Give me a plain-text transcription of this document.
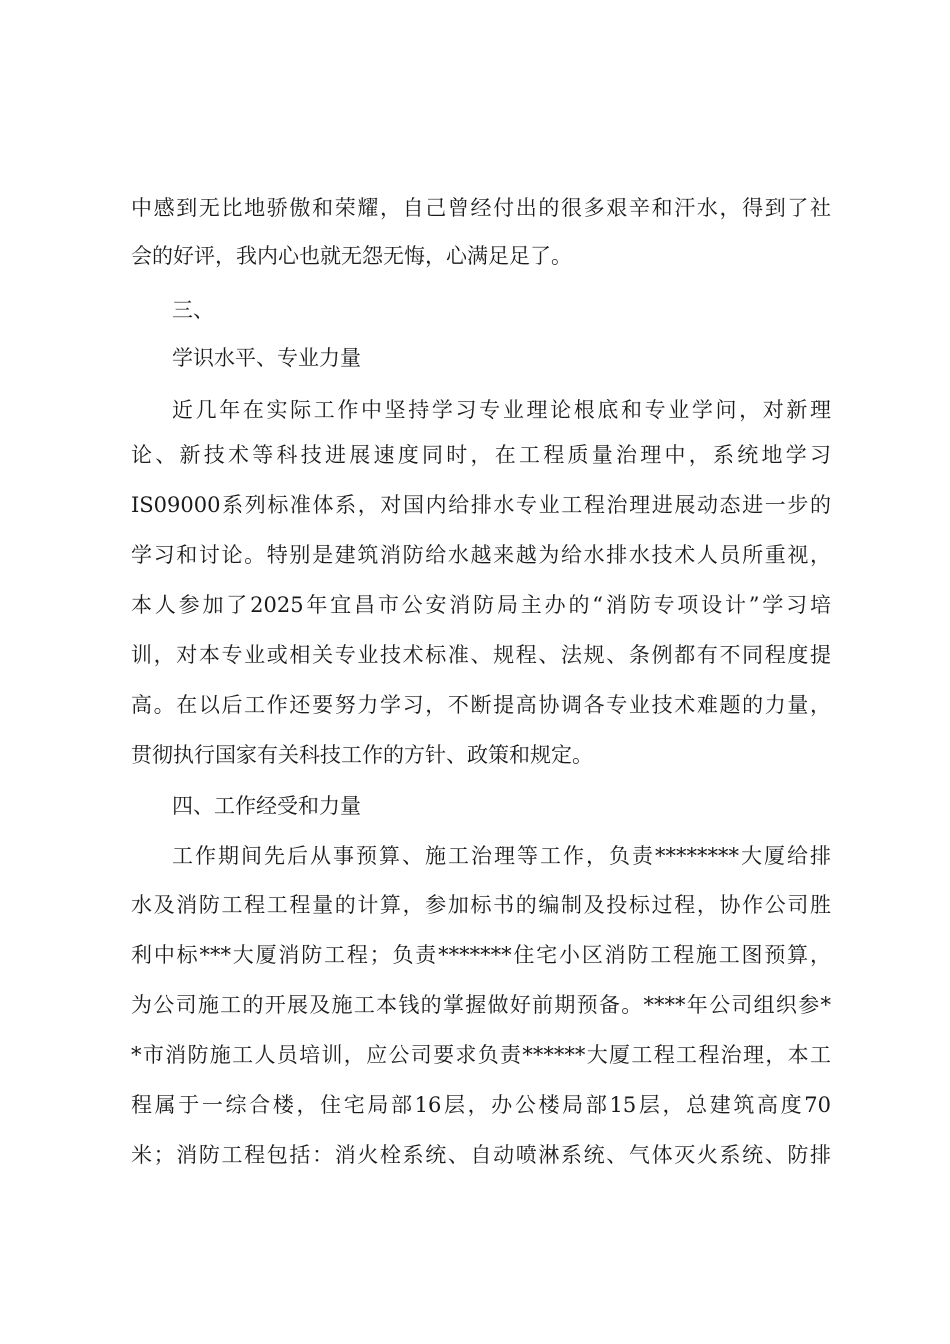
中感到无比地骄傲和荣耀，自己曾经付出的很多艰辛和汗水，得到了社
会的好评，我内心也就无怨无悔，心满足足了。
三、
学识水平、专业力量
近几年在实际工作中坚持学习专业理论根底和专业学问，对新理
论、新技术等科技进展速度同时，在工程质量治理中，系统地学习
IS09000系列标准体系，对国内给排水专业工程治理进展动态进一步的
学习和讨论。特别是建筑消防给水越来越为给水排水技术人员所重视，
本人参加了2025年宜昌市公安消防局主办的“消防专项设计”学习培
训，对本专业或相关专业技术标准、规程、法规、条例都有不同程度提
高。在以后工作还要努力学习，不断提高协调各专业技术难题的力量，
贯彻执行国家有关科技工作的方针、政策和规定。
四、工作经受和力量
工作期间先后从事预算、施工治理等工作，负责********大厦给排
水及消防工程工程量的计算，参加标书的编制及投标过程，协作公司胜
利中标***大厦消防工程；负责*******住宅小区消防工程施工图预算，
为公司施工的开展及施工本钱的掌握做好前期预备。****年公司组织参*
*市消防施工人员培训，应公司要求负责******大厦工程工程治理，本工
程属于一综合楼，住宅局部16层，办公楼局部15层，总建筑高度70
米；消防工程包括：消火栓系统、自动喷淋系统、气体灭火系统、防排
